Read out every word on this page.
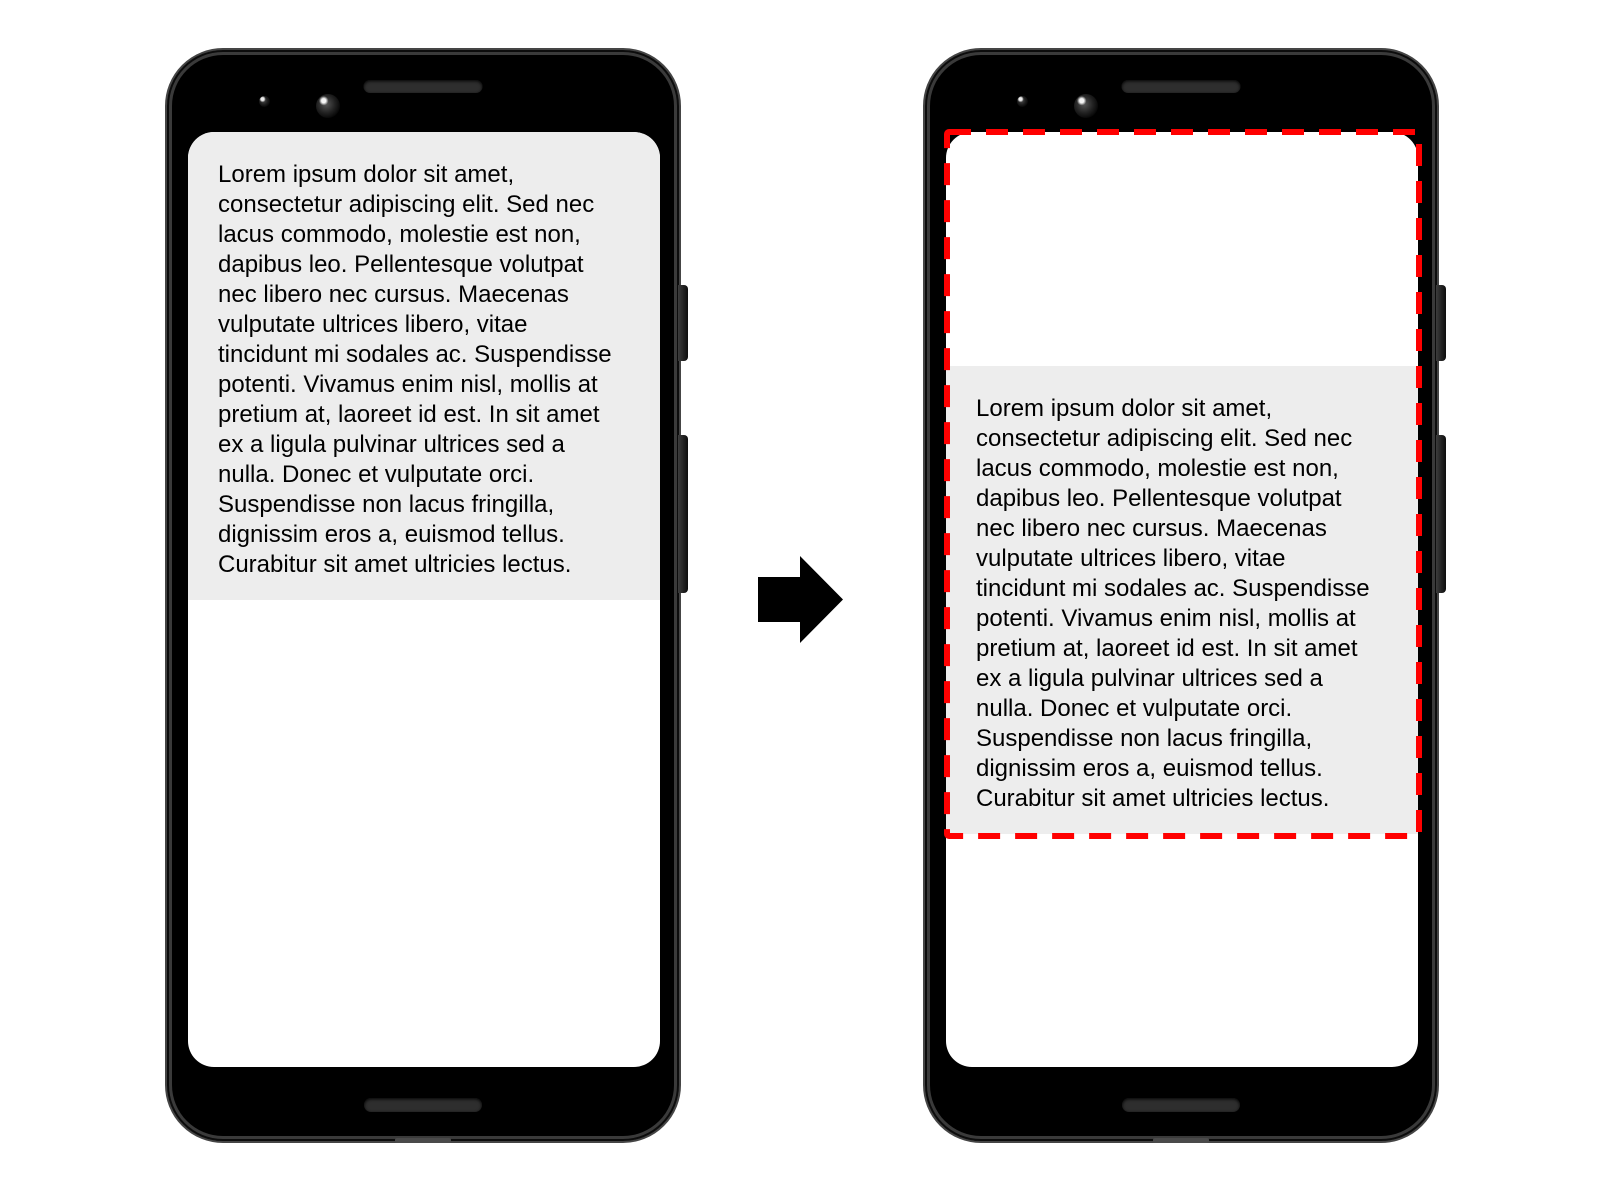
Lorem ipsum dolor sit amet,
consectetur adipiscing elit. Sed nec
lacus commodo, molestie est non,
dapibus leo. Pellentesque volutpat
nec libero nec cursus. Maecenas
vulputate ultrices libero, vitae
tincidunt mi sodales ac. Suspendisse
potenti. Vivamus enim nisl, mollis at
pretium at, laoreet id est. In sit amet
ex a ligula pulvinar ultrices sed a
nulla. Donec et vulputate orci.
Suspendisse non lacus fringilla,
dignissim eros a, euismod tellus.
Curabitur sit amet ultricies lectus.
Lorem ipsum dolor sit amet,
consectetur adipiscing elit. Sed nec
lacus commodo, molestie est non,
dapibus leo. Pellentesque volutpat
nec libero nec cursus. Maecenas
vulputate ultrices libero, vitae
tincidunt mi sodales ac. Suspendisse
potenti. Vivamus enim nisl, mollis at
pretium at, laoreet id est. In sit amet
ex a ligula pulvinar ultrices sed a
nulla. Donec et vulputate orci.
Suspendisse non lacus fringilla,
dignissim eros a, euismod tellus.
Curabitur sit amet ultricies lectus.
